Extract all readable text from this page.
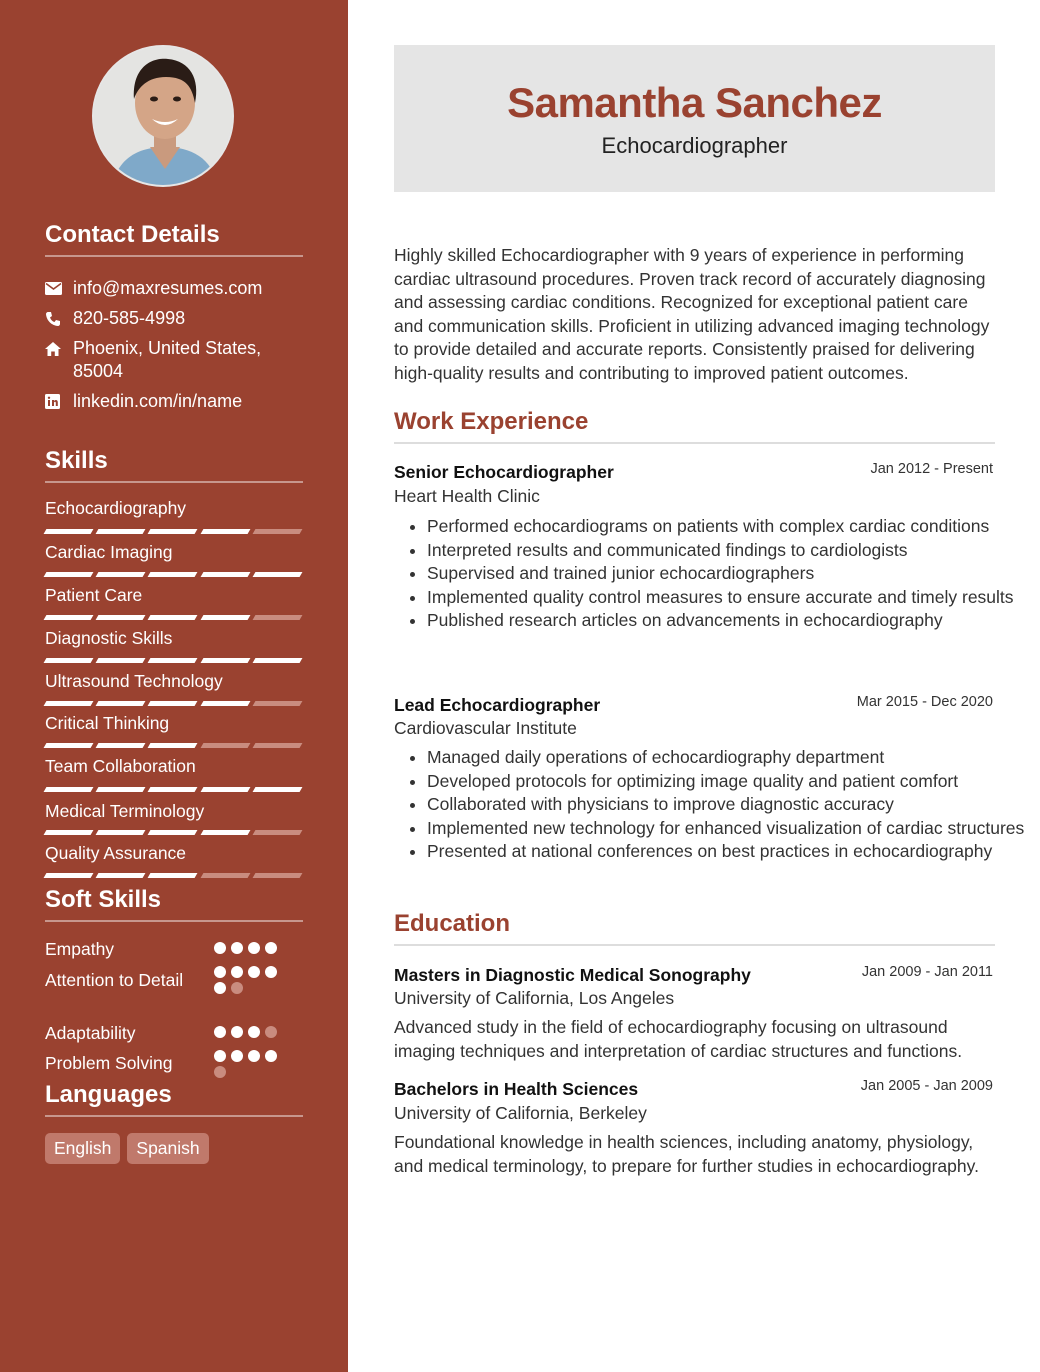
Contact Details
info@maxresumes.com
820-585-4998
Phoenix, United States,
85004
linkedin.com/in/name
Skills
Echocardiography
Cardiac Imaging
Patient Care
Diagnostic Skills
Ultrasound Technology
Critical Thinking
Team Collaboration
Medical Terminology
Quality Assurance
Soft Skills
Empathy
Attention to Detail
Adaptability
Problem Solving
Languages
English	Spanish
Samantha Sanchez
Echocardiographer
Highly skilled Echocardiographer with 9 years of experience in performing cardiac ultrasound procedures. Proven track record of accurately diagnosing and assessing cardiac conditions. Recognized for exceptional patient care and communication skills. Proficient in utilizing advanced imaging technology to provide detailed and accurate reports. Consistently praised for delivering high-quality results and contributing to improved patient outcomes.
Work Experience
Senior Echocardiographer	Jan 2012 - Present
Heart Health Clinic
• Performed echocardiograms on patients with complex cardiac conditions
• Interpreted results and communicated findings to cardiologists
• Supervised and trained junior echocardiographers
• Implemented quality control measures to ensure accurate and timely results
• Published research articles on advancements in echocardiography
Lead Echocardiographer	Mar 2015 - Dec 2020
Cardiovascular Institute
• Managed daily operations of echocardiography department
• Developed protocols for optimizing image quality and patient comfort
• Collaborated with physicians to improve diagnostic accuracy
• Implemented new technology for enhanced visualization of cardiac structures
• Presented at national conferences on best practices in echocardiography
Education
Masters in Diagnostic Medical Sonography	Jan 2009 - Jan 2011
University of California, Los Angeles
Advanced study in the field of echocardiography focusing on ultrasound imaging techniques and interpretation of cardiac structures and functions.
Bachelors in Health Sciences	Jan 2005 - Jan 2009
University of California, Berkeley
Foundational knowledge in health sciences, including anatomy, physiology, and medical terminology, to prepare for further studies in echocardiography.
